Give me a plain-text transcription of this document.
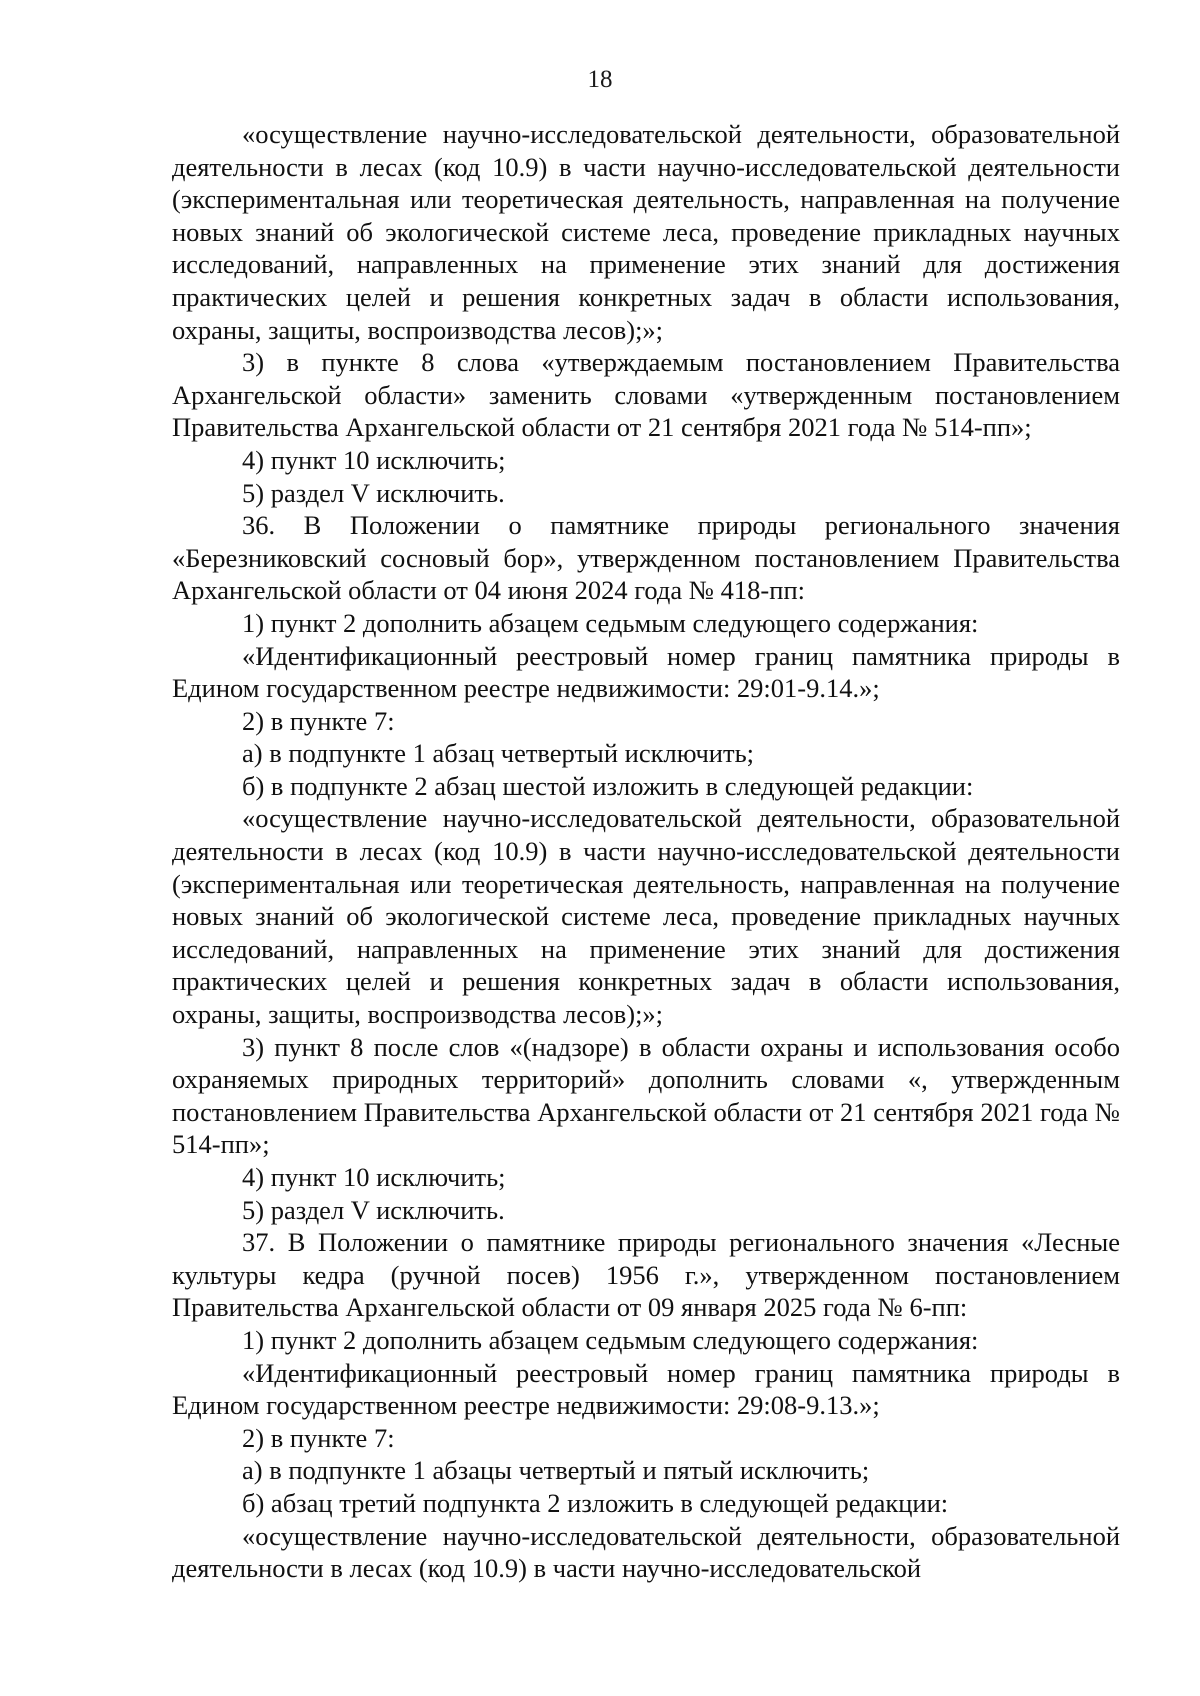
18

«осуществление научно-исследовательской деятельности, образовательной деятельности в лесах (код 10.9) в части научно-исследовательской деятельности (экспериментальная или теоретическая деятельность, направленная на получение новых знаний об экологической системе леса, проведение прикладных научных исследований, направленных на применение этих знаний для достижения практических целей и решения конкретных задач в области использования, охраны, защиты, воспроизводства лесов);»;

3) в пункте 8 слова «утверждаемым постановлением Правительства Архангельской области» заменить словами «утвержденным постановлением Правительства Архангельской области от 21 сентября 2021 года № 514-пп»;

4) пункт 10 исключить;

5) раздел V исключить.

36. В Положении о памятнике природы регионального значения «Березниковский сосновый бор», утвержденном постановлением Правительства Архангельской области от 04 июня 2024 года № 418-пп:

1) пункт 2 дополнить абзацем седьмым следующего содержания:

«Идентификационный реестровый номер границ памятника природы в Едином государственном реестре недвижимости: 29:01-9.14.»;

2) в пункте 7:

а) в подпункте 1 абзац четвертый исключить;

б) в подпункте 2 абзац шестой изложить в следующей редакции:

«осуществление научно-исследовательской деятельности, образовательной деятельности в лесах (код 10.9) в части научно-исследовательской деятельности (экспериментальная или теоретическая деятельность, направленная на получение новых знаний об экологической системе леса, проведение прикладных научных исследований, направленных на применение этих знаний для достижения практических целей и решения конкретных задач в области использования, охраны, защиты, воспроизводства лесов);»;

3) пункт 8 после слов «(надзоре) в области охраны и использования особо охраняемых природных территорий» дополнить словами «, утвержденным постановлением Правительства Архангельской области от 21 сентября 2021 года № 514-пп»;

4) пункт 10 исключить;

5) раздел V исключить.

37. В Положении о памятнике природы регионального значения «Лесные культуры кедра (ручной посев) 1956 г.», утвержденном постановлением Правительства Архангельской области от 09 января 2025 года № 6-пп:

1) пункт 2 дополнить абзацем седьмым следующего содержания:

«Идентификационный реестровый номер границ памятника природы в Едином государственном реестре недвижимости: 29:08-9.13.»;

2) в пункте 7:

а) в подпункте 1 абзацы четвертый и пятый исключить;

б) абзац третий подпункта 2 изложить в следующей редакции:

«осуществление научно-исследовательской деятельности, образовательной деятельности в лесах (код 10.9) в части научно-исследовательской
